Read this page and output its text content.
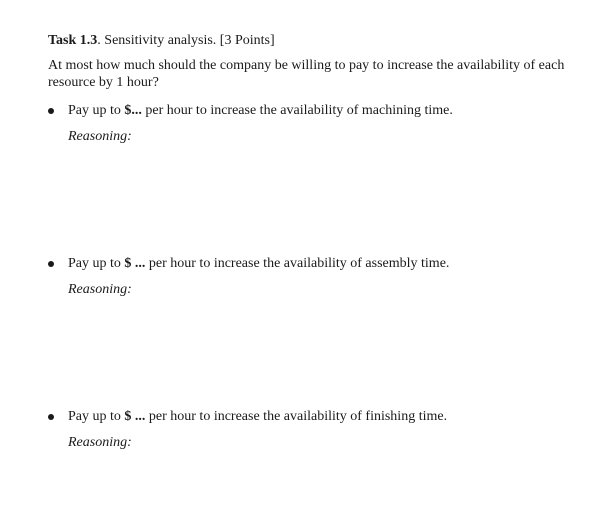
Task 1.3. Sensitivity analysis. [3 Points]
At most how much should the company be willing to pay to increase the availability of each resource by 1 hour?
Pay up to $... per hour to increase the availability of machining time.
Reasoning:
Pay up to $ ... per hour to increase the availability of assembly time.
Reasoning:
Pay up to $ ... per hour to increase the availability of finishing time.
Reasoning:
